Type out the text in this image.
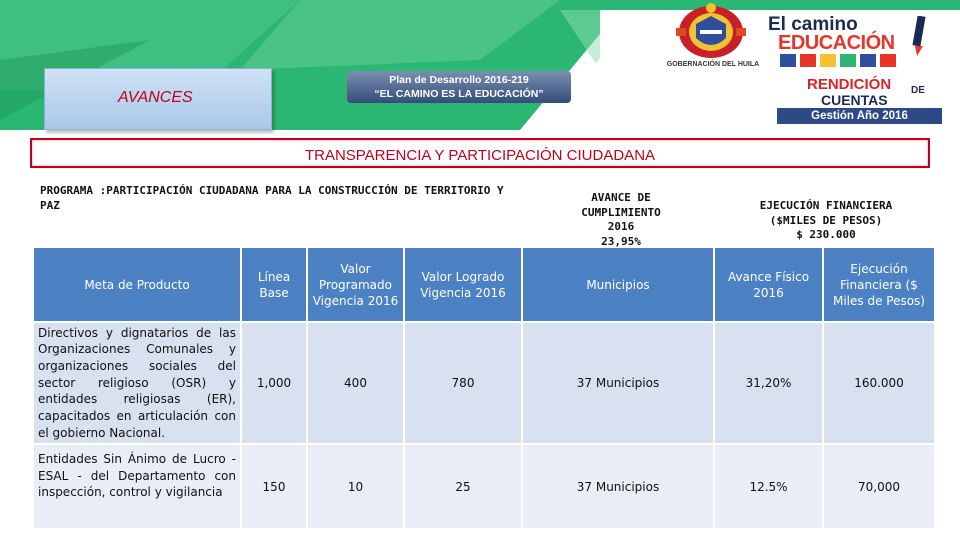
AVANCES
Plan de Desarrollo 2016-219
“EL CAMINO ES LA EDUCACIÓN”
GOBERNACIÓN DEL HUILA
El camino
EDUCACIÓN
RENDICIÓN DE
CUENTAS
Gestión Año 2016
TRANSPARENCIA Y PARTICIPACIÓN CIUDADANA
PROGRAMA :PARTICIPACIÓN CIUDADANA PARA LA CONSTRUCCIÓN DE TERRITORIO Y PAZ
AVANCE DE
CUMPLIMIENTO
2016
23,95%
EJECUCIÓN FINANCIERA
($MILES DE PESOS)
$ 230.000
Meta de Producto	Línea Base	Valor Programado Vigencia 2016	Valor Logrado Vigencia 2016	Municipios	Avance Físico 2016	Ejecución Financiera ($ Miles de Pesos)
Directivos y dignatarios de las Organizaciones Comunales y organizaciones sociales del sector religioso (OSR) y entidades religiosas (ER), capacitados en articulación con el gobierno Nacional.	1,000	400	780	37 Municipios	31,20%	160.000
Entidades Sin Ánimo de Lucro - ESAL - del Departamento con inspección, control y vigilancia	150	10	25	37 Municipios	12.5%	70,000
